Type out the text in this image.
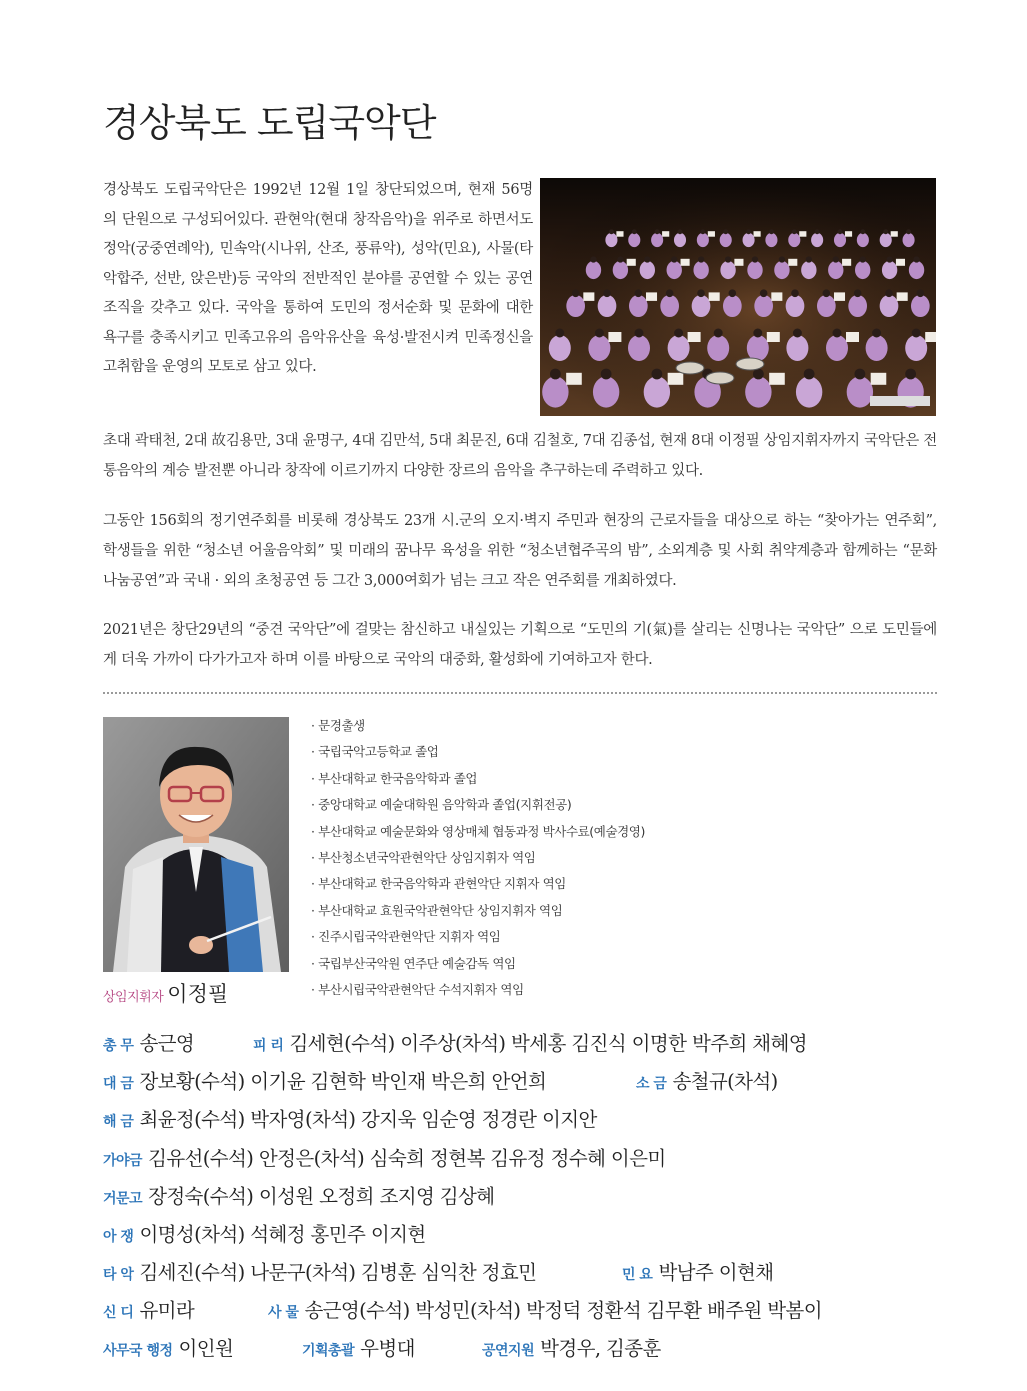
경상북도 도립국악단

경상북도 도립국악단은 1992년 12월 1일 창단되었으며, 현재 56명의 단원으로 구성되어있다. 관현악(현대 창작음악)을 위주로 하면서도 정악(궁중연례악), 민속악(시나위, 산조, 풍류악), 성악(민요), 사물(타악합주, 선반, 앉은반)등 국악의 전반적인 분야를 공연할 수 있는 공연조직을 갖추고 있다. 국악을 통하여 도민의 정서순화 및 문화에 대한 욕구를 충족시키고 민족고유의 음악유산을 육성·발전시켜 민족정신을 고취함을 운영의 모토로 삼고 있다.

초대 곽태천, 2대 故김용만, 3대 윤명구, 4대 김만석, 5대 최문진, 6대 김철호, 7대 김종섭, 현재 8대 이정필 상임지휘자까지 국악단은 전통음악의 계승 발전뿐 아니라 창작에 이르기까지 다양한 장르의 음악을 추구하는데 주력하고 있다.

그동안 156회의 정기연주회를 비롯해 경상북도 23개 시.군의 오지·벽지 주민과 현장의 근로자들을 대상으로 하는 “찾아가는 연주회”, 학생들을 위한 “청소년 어울음악회” 및 미래의 꿈나무 육성을 위한 “청소년협주곡의 밤”, 소외계층 및 사회 취약계층과 함께하는 “문화 나눔공연”과 국내 · 외의 초청공연 등 그간 3,000여회가 넘는 크고 작은 연주회를 개최하였다.

2021년은 창단29년의 “중견 국악단”에 걸맞는 참신하고 내실있는 기획으로 “도민의 기(氣)를 살리는 신명나는 국악단” 으로 도민들에게 더욱 가까이 다가가고자 하며 이를 바탕으로 국악의 대중화, 활성화에 기여하고자 한다.

상임지휘자 이정필

· 문경출생
· 국립국악고등학교 졸업
· 부산대학교 한국음악학과 졸업
· 중앙대학교 예술대학원 음악학과 졸업(지휘전공)
· 부산대학교 예술문화와 영상매체 협동과정 박사수료(예술경영)
· 부산청소년국악관현악단 상임지휘자 역임
· 부산대학교 한국음악학과 관현악단 지휘자 역임
· 부산대학교 효원국악관현악단 상임지휘자 역임
· 진주시립국악관현악단 지휘자 역임
· 국립부산국악원 연주단 예술감독 역임
· 부산시립국악관현악단 수석지휘자 역임

총 무 송근영	피 리 김세현(수석) 이주상(차석) 박세홍 김진식 이명한 박주희 채혜영

대 금 장보황(수석) 이기윤 김현학 박인재 박은희 안언희	소 금 송철규(차석)

해 금 최윤정(수석) 박자영(차석) 강지욱 임순영 정경란 이지안

가야금 김유선(수석) 안정은(차석) 심숙희 정현복 김유정 정수혜 이은미

거문고 장정숙(수석) 이성원 오정희 조지영 김상혜

아 쟁 이명성(차석) 석혜정 홍민주 이지현

타 악 김세진(수석) 나문구(차석) 김병훈 심익찬 정효민	민 요 박남주 이현채

신 디 유미라	사 물 송근영(수석) 박성민(차석) 박정덕 정환석 김무환 배주원 박봄이

사무국 행정 이인원	기획총괄 우병대	공연지원 박경우, 김종훈
